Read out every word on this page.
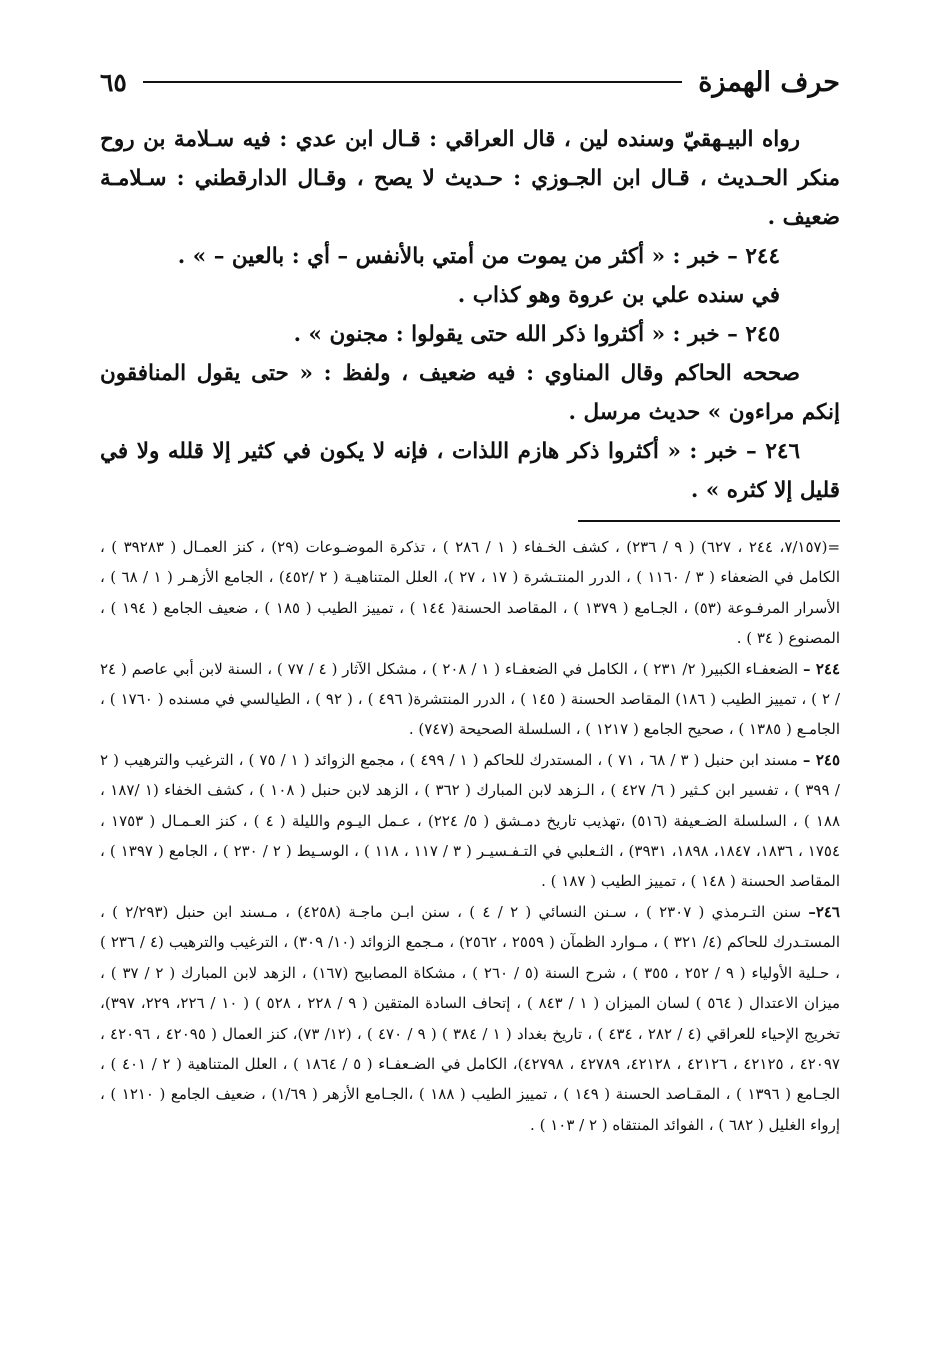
حرف الهمزة
٦٥

رواه البيـهقيّ وسنده لين ، قال العراقي : قـال ابن عدي : فيه سـلامة بن روح منكر الحـديث ، قـال ابن الجـوزي : حـديث لا يصح ، وقـال الدارقطني : سـلامـة ضعيف .

٢٤٤ – خبر : « أكثر من يموت من أمتي بالأنفس – أي : بالعين – » .

في سنده علي بن عروة وهو كذاب .

٢٤٥ – خبر : « أكثروا ذكر الله حتى يقولوا : مجنون » .

صححه الحاكم وقال المناوي : فيه ضعيف ، ولفظ : « حتى يقول المنافقون إنكم مراءون » حديث مرسل .

٢٤٦ – خبر : « أكثروا ذكر هازم اللذات ، فإنه لا يكون في كثير إلا قلله ولا في قليل إلا كثره » .

=(٧/١٥٧، ٢٤٤ ، ٦٢٧) ( ٩ / ٢٣٦) ، كشف الخـفاء ( ١ / ٢٨٦ ) ، تذكرة الموضـوعات (٢٩) ، كنز العمـال ( ٣٩٢٨٣ ) ، الكامل في الضعفاء ( ٣ / ١١٦٠ ) ، الدرر المنتـشرة ( ١٧ ، ٢٧ )، العلل المتناهيـة ( ٢ /٤٥٢) ، الجامع الأزهـر ( ١ / ٦٨ ) ، الأسرار المرفـوعة (٥٣) ، الجـامع ( ١٣٧٩ ) ، المقاصد الحسنة( ١٤٤ ) ، تمييز الطيب ( ١٨٥ ) ، ضعيف الجامع ( ١٩٤ ) ، المصنوع ( ٣٤ ) .

٢٤٤ – الضعفـاء الكبير( ٢/ ٢٣١ ) ، الكامل في الضعفـاء ( ١ / ٢٠٨ ) ، مشكل الآثار ( ٤ / ٧٧ ) ، السنة لابن أبي عاصم ( ٢٤ / ٢ ) ، تمييز الطيب ( ١٨٦) المقاصد الحسنة ( ١٤٥ ) ، الدرر المنتشرة( ٤٩٦ ) ، ( ٩٢ ) ، الطيالسي في مسنده ( ١٧٦٠ ) ، الجامـع ( ١٣٨٥ ) ، صحيح الجامع ( ١٢١٧ ) ، السلسلة الصحيحة (٧٤٧) .

٢٤٥ – مسند ابن حنبل ( ٣ / ٦٨ ، ٧١ ) ، المستدرك للحاكم ( ١ / ٤٩٩ ) ، مجمع الزوائد ( ١ / ٧٥ ) ، الترغيب والترهيب ( ٢ / ٣٩٩ ) ، تفسير ابن كـثير ( ٦/ ٤٢٧ ) ، الـزهد لابن المبارك ( ٣٦٢ ) ، الزهد لابن حنبل ( ١٠٨ ) ، كشف الخفاء (١ /١٨٧ ، ١٨٨ ) ، السلسلة الضـعيفة (٥١٦) ،تهذيب تاريخ دمـشق ( ٥/ ٢٢٤) ، عـمل اليـوم والليلة ( ٤ ) ، كنز العـمـال ( ١٧٥٣ ، ١٧٥٤ ، ١٨٣٦، ١٨٤٧، ١٨٩٨، ٣٩٣١) ، الثـعلبي في التـفـسيـر ( ٣ / ١١٧ ، ١١٨ ) ، الوسـيط ( ٢ / ٢٣٠ ) ، الجامع ( ١٣٩٧ ) ، المقاصد الحسنة ( ١٤٨ ) ، تمييز الطيب ( ١٨٧ ) .

٢٤٦– سنن التـرمذي ( ٢٣٠٧ ) ، سـنن النسائي ( ٢ / ٤ ) ، سنن ابـن ماجـة (٤٢٥٨) ، مـسند ابن حنبل (٢/٢٩٣ ) ، المستـدرك للحاكم (٤/ ٣٢١ ) ، مـوارد الظمآن ( ٢٥٥٩ ، ٢٥٦٢) ، مـجمع الزوائد (١٠/ ٣٠٩) ، الترغيب والترهيب (٤ / ٢٣٦ ) ، حـلية الأولياء ( ٩ / ٢٥٢ ، ٣٥٥ ) ، شرح السنة (٥ / ٢٦٠ ) ، مشكاة المصابيح (١٦٧) ، الزهد لابن المبارك ( ٢ / ٣٧ ) ، ميزان الاعتدال ( ٥٦٤ ) لسان الميزان ( ١ / ٨٤٣ ) ، إتحاف السادة المتقين ( ٩ / ٢٢٨ ، ٥٢٨ ) ( ١٠ / ٢٢٦، ٢٢٩، ٣٩٧)، تخريج الإحياء للعراقي (٤ / ٢٨٢ ، ٤٣٤ ) ، تاريخ بغداد ( ١ / ٣٨٤ ) ( ٩ / ٤٧٠ ) ، (١٢/ ٧٣)، كنز العمال ( ٤٢٠٩٥ ، ٤٢٠٩٦ ، ٤٢٠٩٧ ، ٤٢١٢٥ ، ٤٢١٢٦ ، ٤٢١٢٨، ٤٢٧٨٩ ، ٤٢٧٩٨)، الكامل في الضـعفـاء ( ٥ / ١٨٦٤ ) ، العلل المتناهية ( ٢ / ٤٠١ ) ، الجـامع ( ١٣٩٦ ) ، المقـاصد الحسنة ( ١٤٩ ) ، تمييز الطيب ( ١٨٨ ) ،الجـامع الأزهر ( ١/٦٩) ، ضعيف الجامع ( ١٢١٠ ) ، إرواء الغليل ( ٦٨٢ ) ، الفوائد المنتقاه ( ٢ / ١٠٣ ) .
